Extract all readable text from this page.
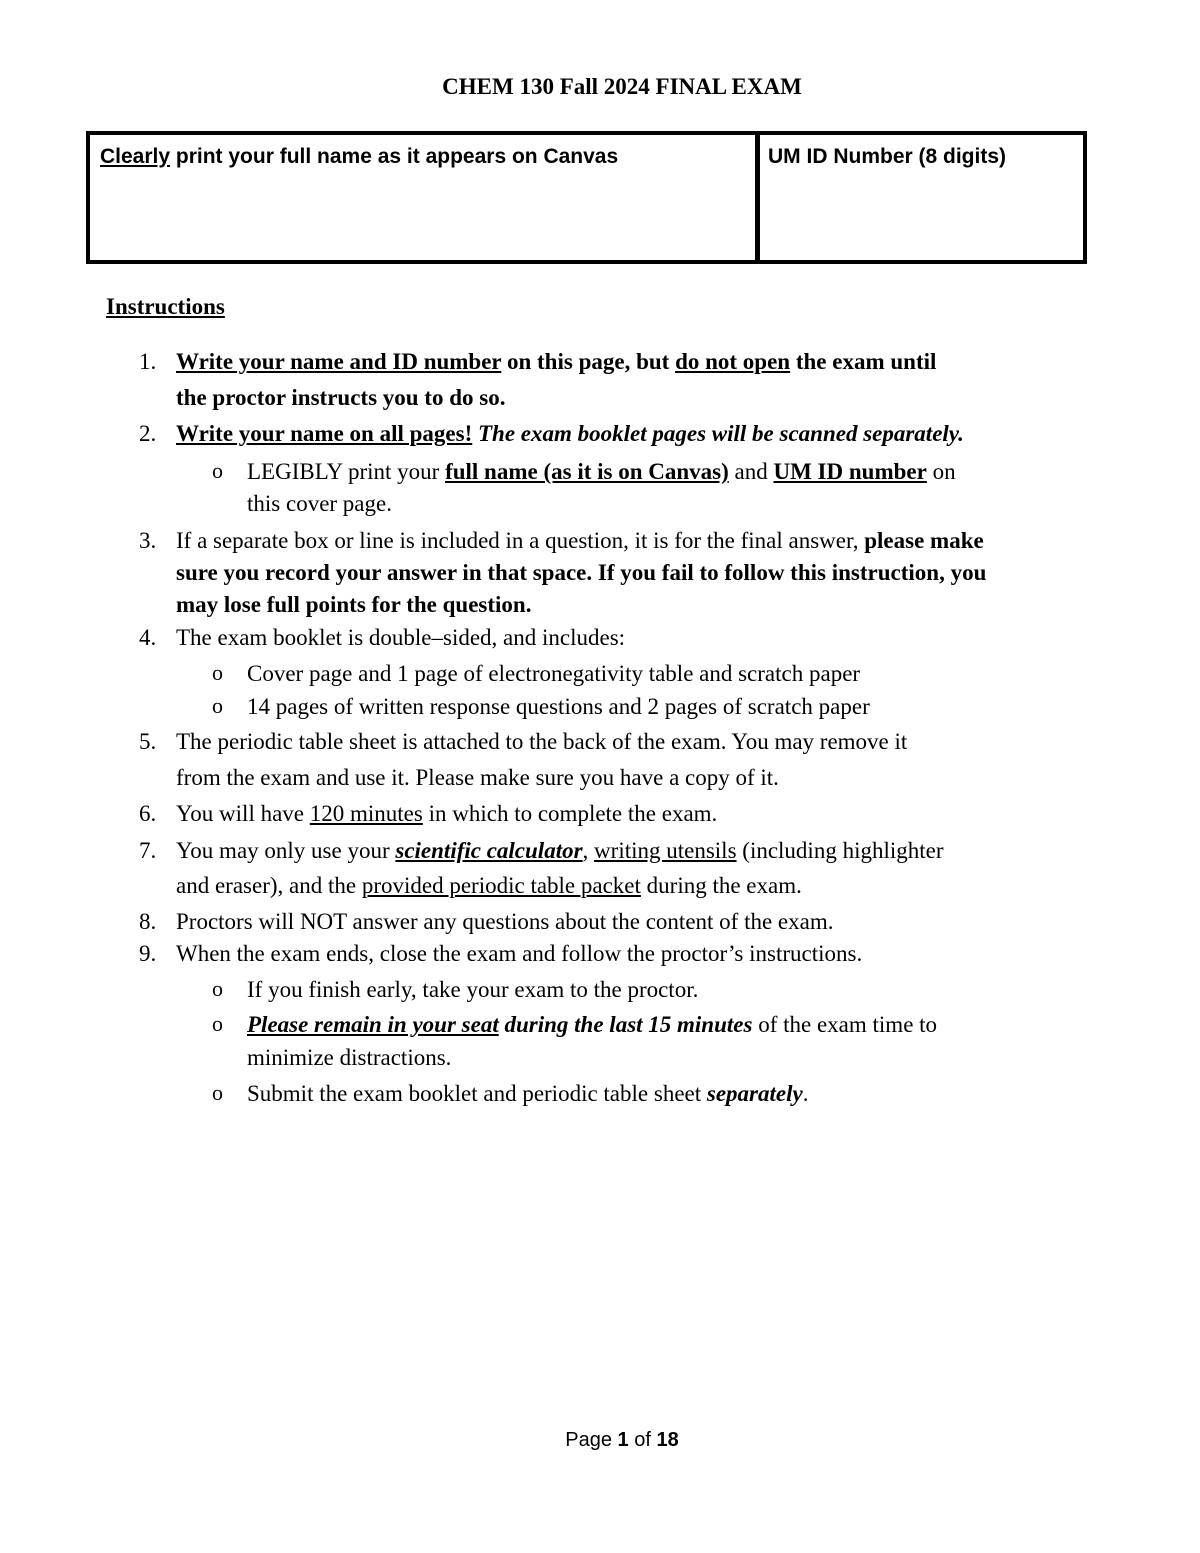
CHEM 130 Fall 2024 FINAL EXAM
Clearly print your full name as it appears on Canvas	UM ID Number (8 digits)
Instructions
1. Write your name and ID number on this page, but do not open the exam until
the proctor instructs you to do so.
2. Write your name on all pages! The exam booklet pages will be scanned separately.
o LEGIBLY print your full name (as it is on Canvas) and UM ID number on
this cover page.
3. If a separate box or line is included in a question, it is for the final answer, please make
sure you record your answer in that space. If you fail to follow this instruction, you
may lose full points for the question.
4. The exam booklet is double–sided, and includes:
o Cover page and 1 page of electronegativity table and scratch paper
o 14 pages of written response questions and 2 pages of scratch paper
5. The periodic table sheet is attached to the back of the exam. You may remove it
from the exam and use it. Please make sure you have a copy of it.
6. You will have 120 minutes in which to complete the exam.
7. You may only use your scientific calculator, writing utensils (including highlighter
and eraser), and the provided periodic table packet during the exam.
8. Proctors will NOT answer any questions about the content of the exam.
9. When the exam ends, close the exam and follow the proctor’s instructions.
o If you finish early, take your exam to the proctor.
o Please remain in your seat during the last 15 minutes of the exam time to
minimize distractions.
o Submit the exam booklet and periodic table sheet separately.
Page 1 of 18
